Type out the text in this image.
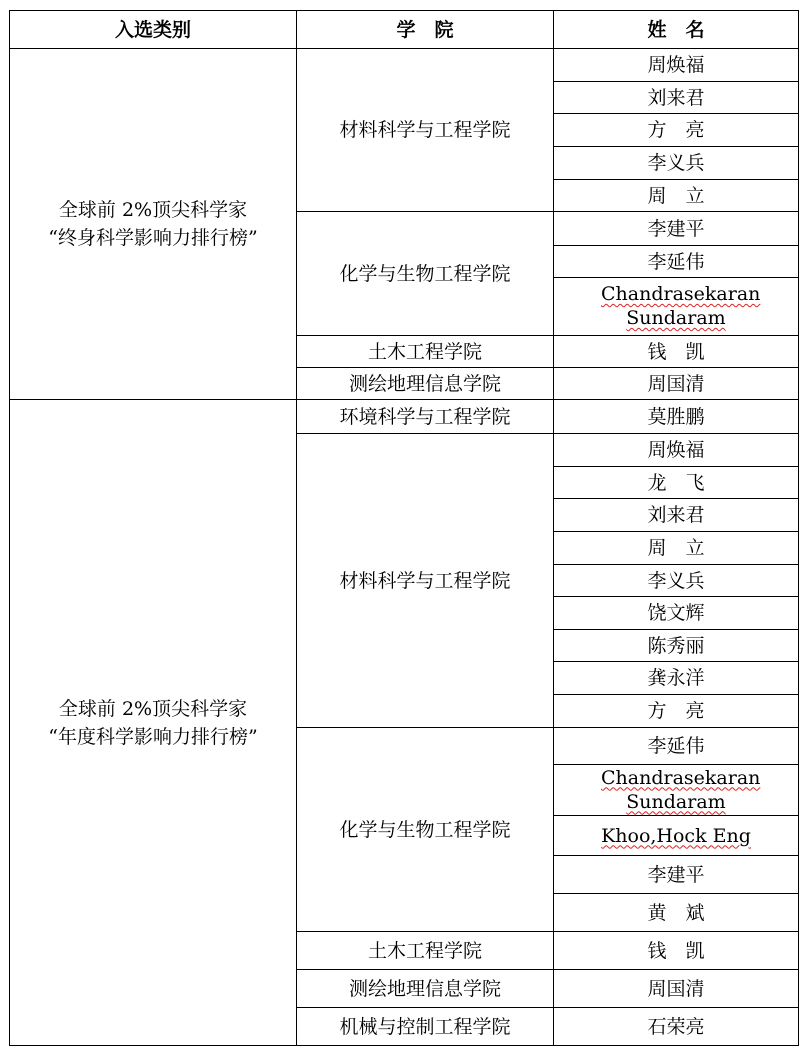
入选类别	学　院	姓　名

全球前 2%顶尖科学家
“终身科学影响力排行榜”	材料科学与工程学院	周焕福
		刘来君
		方　亮
		李义兵
		周　立
	化学与生物工程学院	李建平
		李延伟
		Chandrasekaran Sundaram
	土木工程学院	钱　凯
	测绘地理信息学院	周国清

全球前 2%顶尖科学家
“年度科学影响力排行榜”	环境科学与工程学院	莫胜鹏
	材料科学与工程学院	周焕福
		龙　飞
		刘来君
		周　立
		李义兵
		饶文辉
		陈秀丽
		龚永洋
		方　亮
	化学与生物工程学院	李延伟
		Chandrasekaran Sundaram
		Khoo,Hock Eng
		李建平
		黄　斌
	土木工程学院	钱　凯
	测绘地理信息学院	周国清
	机械与控制工程学院	石荣亮
